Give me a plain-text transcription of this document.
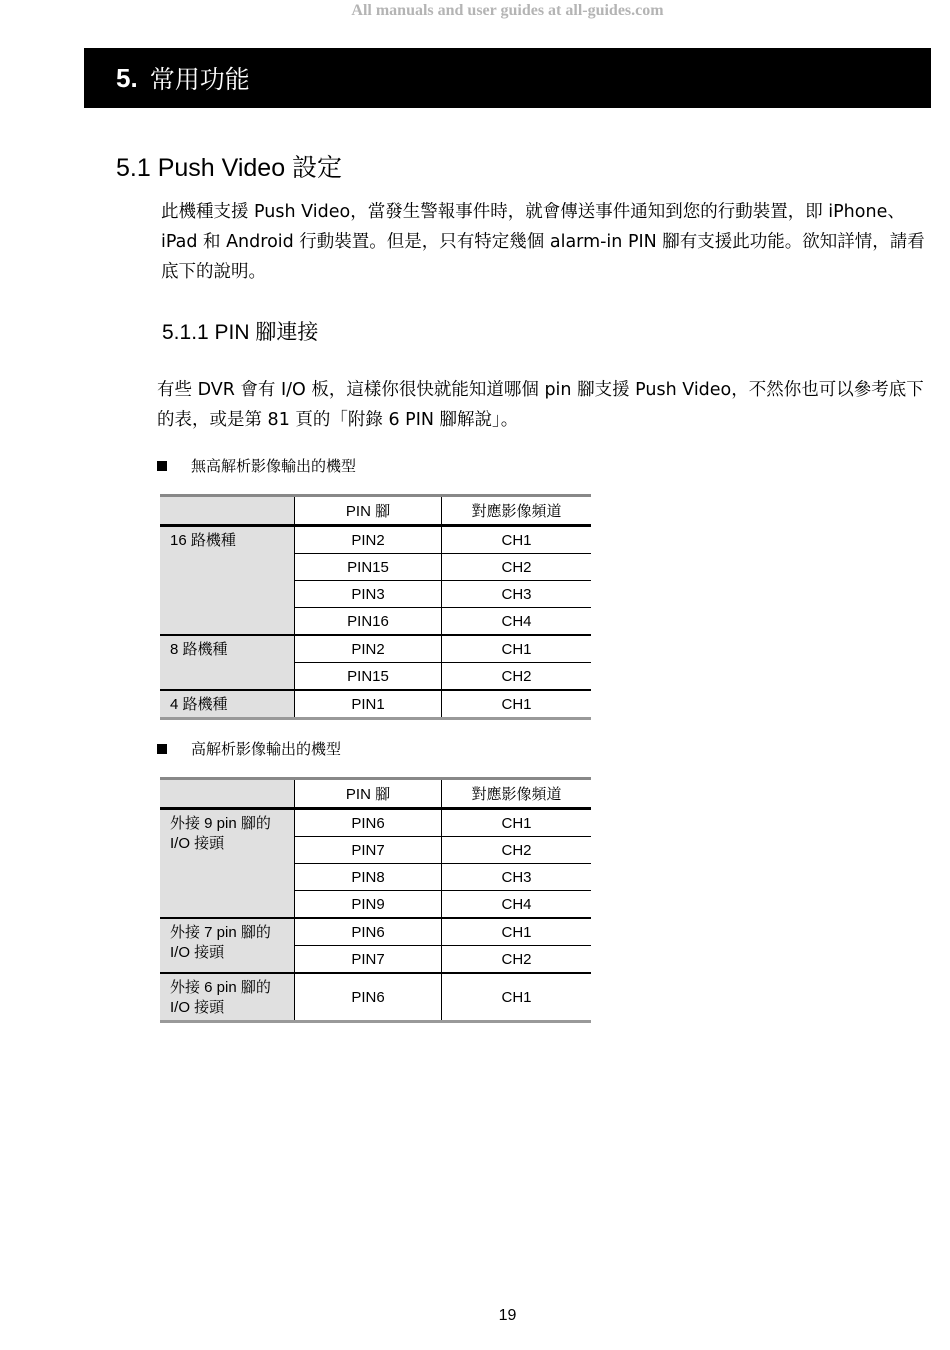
All manuals and user guides at all-guides.com
5. 常用功能
5.1 Push Video 設定
此機種支援 Push Video，當發生警報事件時，就會傳送事件通知到您的行動裝置，即 iPhone、iPad 和 Android 行動裝置。但是，只有特定幾個 alarm-in PIN 腳有支援此功能。欲知詳情，請看底下的說明。
5.1.1 PIN 腳連接
有些 DVR 會有 I/O 板，這樣你很快就能知道哪個 pin 腳支援 Push Video，不然你也可以參考底下的表，或是第 81 頁的「附錄 6 PIN 腳解說」。
無高解析影像輸出的機型
	PIN 腳	對應影像頻道
16 路機種	PIN2	CH1
	PIN15	CH2
	PIN3	CH3
	PIN16	CH4
8 路機種	PIN2	CH1
	PIN15	CH2
4 路機種	PIN1	CH1
高解析影像輸出的機型
	PIN 腳	對應影像頻道
外接 9 pin 腳的 I/O 接頭	PIN6	CH1
	PIN7	CH2
	PIN8	CH3
	PIN9	CH4
外接 7 pin 腳的 I/O 接頭	PIN6	CH1
	PIN7	CH2
外接 6 pin 腳的 I/O 接頭	PIN6	CH1
19
